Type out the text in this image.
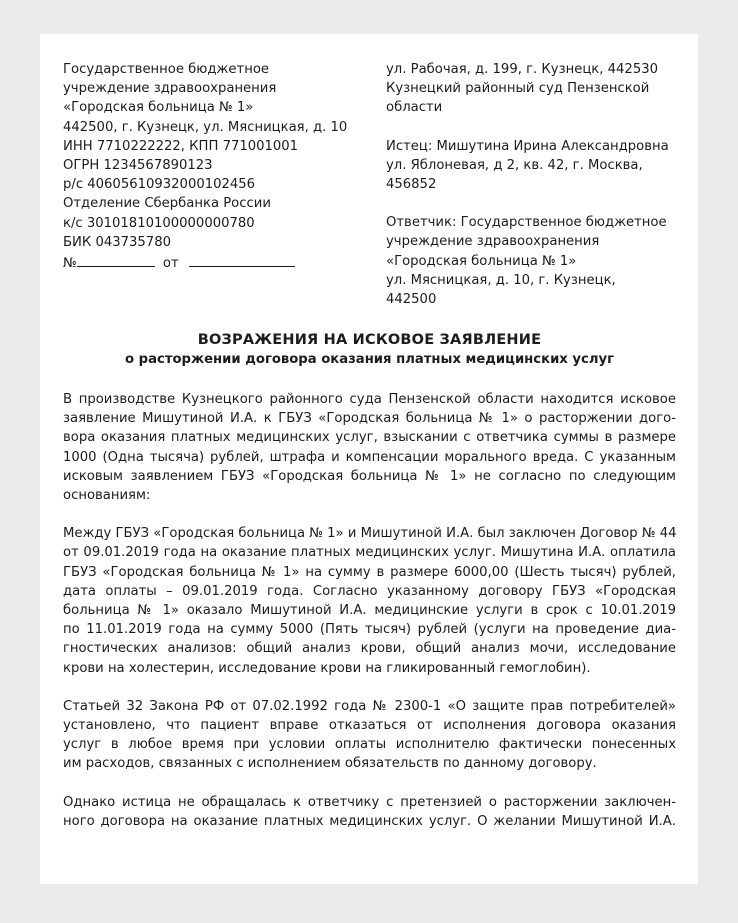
Государственное бюджетное
учреждение здравоохранения
«Городская больница № 1»
442500, г. Кузнецк, ул. Мясницкая, д. 10
ИНН 7710222222, КПП 771001001
ОГРН 1234567890123
р/с 40605610932000102456
Отделение Сбербанка России
к/с 30101810100000000780
БИК 043735780
№	от
ул. Рабочая, д. 199, г. Кузнецк, 442530
Кузнецкий районный суд Пензенской
области
Истец: Мишутина Ирина Александровна
ул. Яблоневая, д 2, кв. 42, г. Москва,
456852
Ответчик: Государственное бюджетное
учреждение здравоохранения
«Городская больница № 1»
ул. Мясницкая, д. 10, г. Кузнецк,
442500
ВОЗРАЖЕНИЯ НА ИСКОВОЕ ЗАЯВЛЕНИЕ
о расторжении договора оказания платных медицинских услуг
В производстве Кузнецкого районного суда Пензенской области находится исковое
заявление Мишутиной И.А. к ГБУЗ «Городская больница № 1» о расторжении дого-
вора оказания платных медицинских услуг, взыскании с ответчика суммы в размере
1000 (Одна тысяча) рублей, штрафа и компенсации морального вреда. С указанным
исковым заявлением ГБУЗ «Городская больница № 1» не согласно по следующим
основаниям:
Между ГБУЗ «Городская больница № 1» и Мишутиной И.А. был заключен Договор № 44
от 09.01.2019 года на оказание платных медицинских услуг. Мишутина И.А. оплатила
ГБУЗ «Городская больница № 1» на сумму в размере 6000,00 (Шесть тысяч) рублей,
дата оплаты – 09.01.2019 года. Согласно указанному договору ГБУЗ «Городская
больница № 1» оказало Мишутиной И.А. медицинские услуги в срок с 10.01.2019
по 11.01.2019 года на сумму 5000 (Пять тысяч) рублей (услуги на проведение диа-
гностических анализов: общий анализ крови, общий анализ мочи, исследование
крови на холестерин, исследование крови на гликированный гемоглобин).
Статьей 32 Закона РФ от 07.02.1992 года № 2300-1 «О защите прав потребителей»
установлено, что пациент вправе отказаться от исполнения договора оказания
услуг в любое время при условии оплаты исполнителю фактически понесенных
им расходов, связанных с исполнением обязательств по данному договору.
Однако истица не обращалась к ответчику с претензией о расторжении заключен-
ного договора на оказание платных медицинских услуг. О желании Мишутиной И.А.
